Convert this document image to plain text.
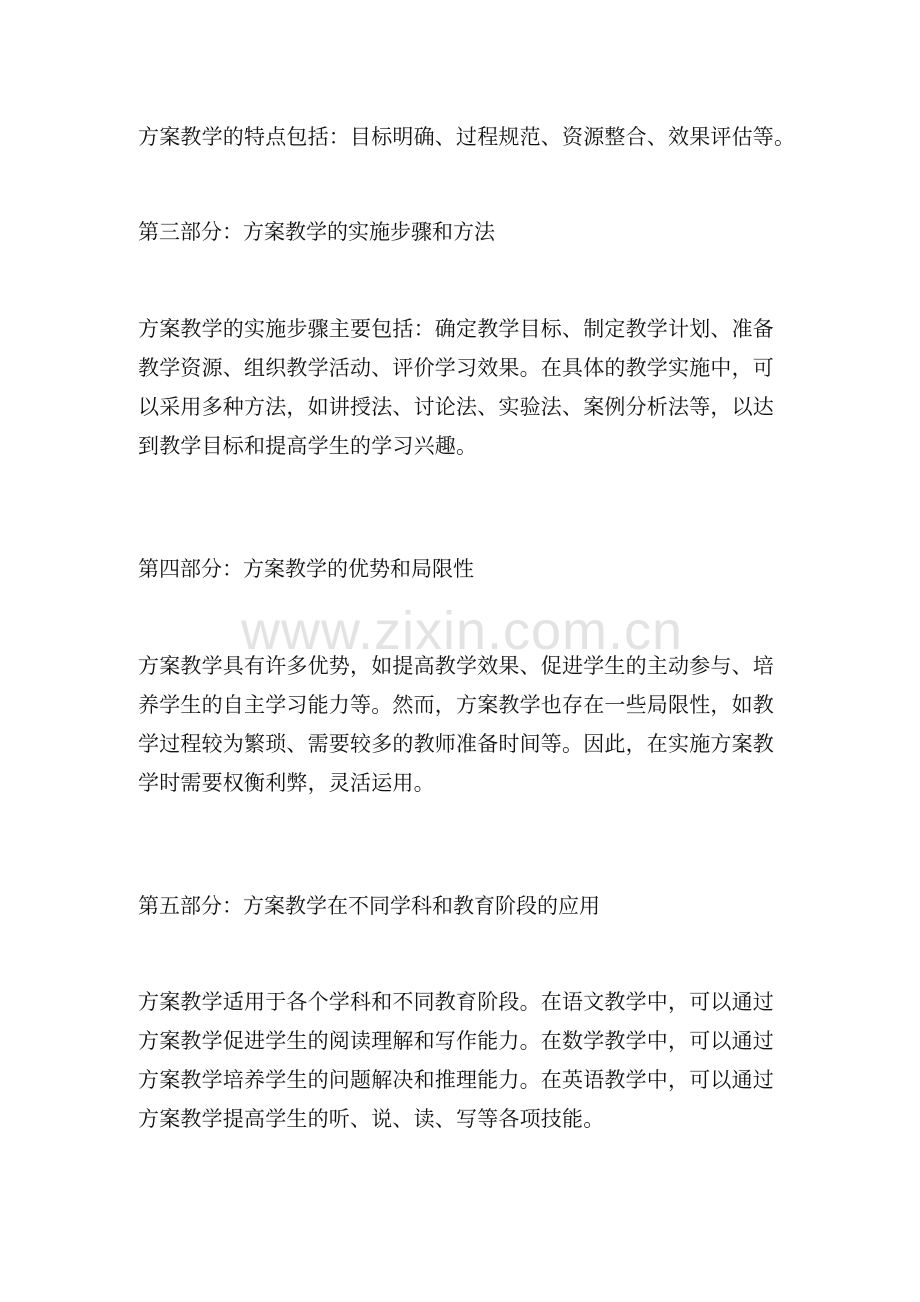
方案教学的特点包括：目标明确、过程规范、资源整合、效果评估等。

第三部分：方案教学的实施步骤和方法

方案教学的实施步骤主要包括：确定教学目标、制定教学计划、准备
教学资源、组织教学活动、评价学习效果。在具体的教学实施中，可
以采用多种方法，如讲授法、讨论法、实验法、案例分析法等，以达
到教学目标和提高学生的学习兴趣。

第四部分：方案教学的优势和局限性
www.zixin.com.cn

方案教学具有许多优势，如提高教学效果、促进学生的主动参与、培
养学生的自主学习能力等。然而，方案教学也存在一些局限性，如教
学过程较为繁琐、需要较多的教师准备时间等。因此，在实施方案教
学时需要权衡利弊，灵活运用。

第五部分：方案教学在不同学科和教育阶段的应用

方案教学适用于各个学科和不同教育阶段。在语文教学中，可以通过
方案教学促进学生的阅读理解和写作能力。在数学教学中，可以通过
方案教学培养学生的问题解决和推理能力。在英语教学中，可以通过
方案教学提高学生的听、说、读、写等各项技能。
